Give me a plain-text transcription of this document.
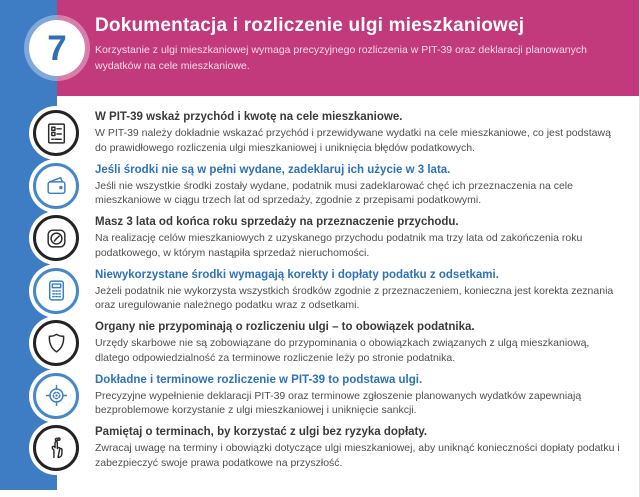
Dokumentacja i rozliczenie ulgi mieszkaniowej

Korzystanie z ulgi mieszkaniowej wymaga precyzyjnego rozliczenia w PIT-39 oraz deklaracji planowanych wydatków na cele mieszkaniowe.

7

W PIT-39 wskaż przychód i kwotę na cele mieszkaniowe.

W PIT-39 należy dokładnie wskazać przychód i przewidywane wydatki na cele mieszkaniowe, co jest podstawą do prawidłowego rozliczenia ulgi mieszkaniowej i uniknięcia błędów podatkowych.

Jeśli środki nie są w pełni wydane, zadeklaruj ich użycie w 3 lata.

Jeśli nie wszystkie środki zostały wydane, podatnik musi zadeklarować chęć ich przeznaczenia na cele mieszkaniowe w ciągu trzech lat od sprzedaży, zgodnie z przepisami podatkowymi.

Masz 3 lata od końca roku sprzedaży na przeznaczenie przychodu.

Na realizację celów mieszkaniowych z uzyskanego przychodu podatnik ma trzy lata od zakończenia roku podatkowego, w którym nastąpiła sprzedaż nieruchomości.

Niewykorzystane środki wymagają korekty i dopłaty podatku z odsetkami.

Jeżeli podatnik nie wykorzysta wszystkich środków zgodnie z przeznaczeniem, konieczna jest korekta zeznania oraz uregulowanie należnego podatku wraz z odsetkami.

Organy nie przypominają o rozliczeniu ulgi – to obowiązek podatnika.

Urzędy skarbowe nie są zobowiązane do przypominania o obowiązkach związanych z ulgą mieszkaniową, dlatego odpowiedzialność za terminowe rozliczenie leży po stronie podatnika.

Dokładne i terminowe rozliczenie w PIT-39 to podstawa ulgi.

Precyzyjne wypełnienie deklaracji PIT-39 oraz terminowe zgłoszenie planowanych wydatków zapewniają bezproblemowe korzystanie z ulgi mieszkaniowej i uniknięcie sankcji.

Pamiętaj o terminach, by korzystać z ulgi bez ryzyka dopłaty.

Zwracaj uwagę na terminy i obowiązki dotyczące ulgi mieszkaniowej, aby uniknąć konieczności dopłaty podatku i zabezpieczyć swoje prawa podatkowe na przyszłość.
